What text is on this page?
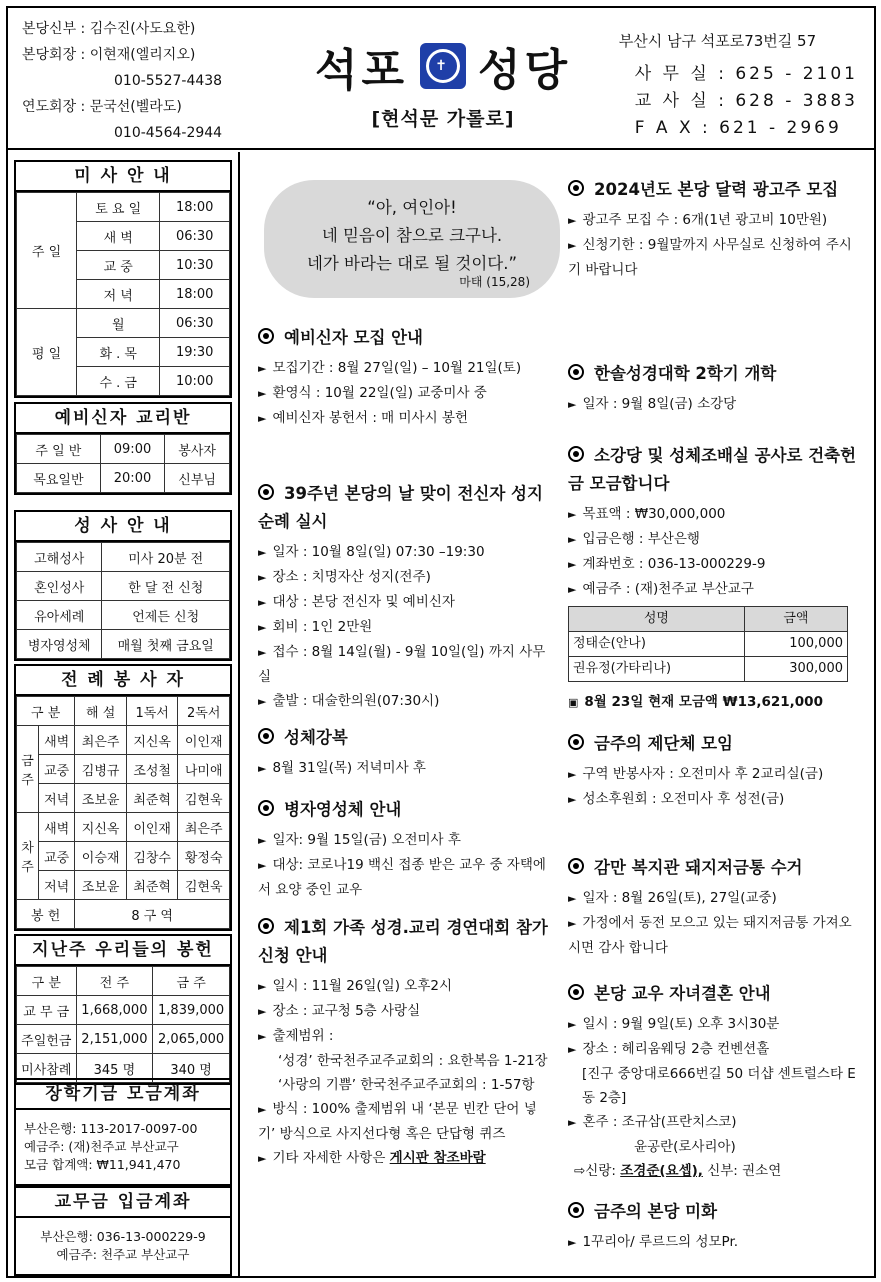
본당신부 : 김수진(사도요한)
본당회장 : 이현재(엘리지오)
010-5527-4438
연도회장 : 문국선(벨라도)
010-4564-2944
석포	✝ 성당
[현석문 가롤로]
부산시 남구 석포로73번길 57
사 무 실 : 625 - 2101
교 사 실 : 628 - 3883
F A X : 621 - 2969
미 사 안 내
주 일	토 요 일	18:00
	새 벽	06:30
	교 중	10:30
	저 녁	18:00
평 일	월	06:30
	화 . 목	19:30
	수 . 금	10:00
예비신자 교리반
주 일 반	09:00	봉사자
목요일반	20:00	신부님
성 사 안 내
고해성사	미사 20분 전
혼인성사	한 달 전 신청
유아세례	언제든 신청
병자영성체	매월 첫째 금요일
전 례 봉 사 자
구 분		해 설	1독서	2독서
금주	새벽	최은주	지신옥	이인재
	교중	김병규	조성철	나미애
	저녁	조보윤	최준혁	김현욱
차주	새벽	지신옥	이인재	최은주
	교중	이승재	김창수	황정숙
	저녁	조보윤	최준혁	김현욱
봉 헌		8 구 역		
지난주 우리들의 봉헌
구 분	전 주	금 주
교 무 금	1,668,000	1,839,000
주일헌금	2,151,000	2,065,000
미사참례	345 명	340 명
장학기금 모금계좌
부산은행: 113-2017-0097-00
예금주: (재)천주교 부산교구
모금 합계액: ₩11,941,470
교무금 입금계좌
부산은행: 036-13-000229-9
예금주: 천주교 부산교구
“아, 여인아!
네 믿음이 참으로 크구나.
네가 바라는 대로 될 것이다.”
마태 (15,28)
예비신자 모집 안내
► 모집기간 : 8월 27일(일) – 10월 21일(토)
► 환영식 : 10월 22일(일) 교중미사 중
► 예비신자 봉헌서 : 매 미사시 봉헌
39주년 본당의 날 맞이 전신자 성지순례 실시
► 일자 : 10월 8일(일) 07:30 –19:30
► 장소 : 치명자산 성지(전주)
► 대상 : 본당 전신자 및 예비신자
► 회비 : 1인 2만원
► 접수 : 8월 14일(월) - 9월 10일(일) 까지 사무실
► 출발 : 대술한의원(07:30시)
성체강복
► 8월 31일(목) 저녁미사 후
병자영성체 안내
► 일자: 9월 15일(금) 오전미사 후
► 대상: 코로나19 백신 접종 받은 교우 중 자택에서 요양 중인 교우
제1회 가족 성경.교리 경연대회 참가 신청 안내
► 일시 : 11월 26일(일) 오후2시
► 장소 : 교구청 5층 사랑실
► 출제범위 :
‘성경’ 한국천주교주교회의 : 요한복음 1-21장
‘사랑의 기쁨’ 한국천주교주교회의 : 1-57항
► 방식 : 100% 출제범위 내 ‘본문 빈칸 단어 넣기’ 방식으로 사지선다형 혹은 단답형 퀴즈
► 기타 자세한 사항은 게시판 참조바람
2024년도 본당 달력 광고주 모집
► 광고주 모집 수 : 6개(1년 광고비 10만원)
► 신청기한 : 9월말까지 사무실로 신청하여 주시기 바랍니다
한솔성경대학 2학기 개학
► 일자 : 9월 8일(금) 소강당
소강당 및 성체조배실 공사로 건축헌금 모금합니다
► 목표액 : ₩30,000,000
► 입금은행 : 부산은행
► 계좌번호 : 036-13-000229-9
► 예금주 : (재)천주교 부산교구
성명	금액
정태순(안나)	100,000
권유정(가타리나)	300,000
▣ 8월 23일 현재 모금액 ₩13,621,000
금주의 제단체 모임
► 구역 반봉사자 : 오전미사 후 2교리실(금)
► 성소후원회 : 오전미사 후 성전(금)
감만 복지관 돼지저금통 수거
► 일자 : 8월 26일(토), 27일(교중)
► 가정에서 동전 모으고 있는 돼지저금통 가져오시면 감사 합니다
본당 교우 자녀결혼 안내
► 일시 : 9월 9일(토) 오후 3시30분
► 장소 : 헤리움웨딩 2층 컨벤션홀
[진구 중앙대로666번길 50 더샵 센트럴스타 E동 2층]
► 혼주 : 조규삼(프란치스코)
윤공란(로사리아)
⇨신랑: 조경준(요셉), 신부: 권소연
금주의 본당 미화
► 1꾸리아/ 루르드의 성모Pr.
